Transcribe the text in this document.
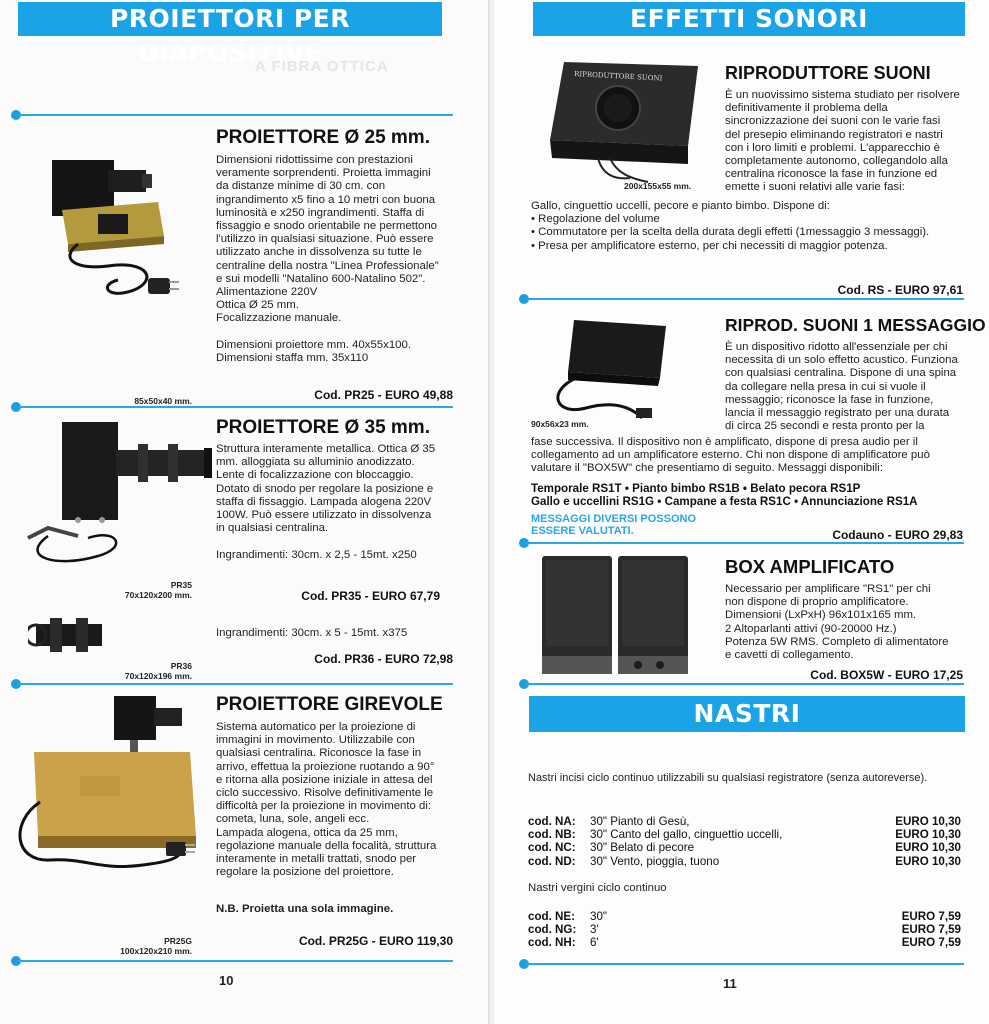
PROIETTORI PER DIAPOSITIVE
A FIBRA OTTICA
PROIETTORE Ø 25 mm.
Dimensioni ridottissime con prestazioni
veramente sorprendenti. Proietta immagini
da distanze minime di 30 cm. con
ingrandimento x5 fino a 10 metri con buona
luminosità e x250 ingrandimenti. Staffa di
fissaggio e snodo orientabile ne permettono
l'utilizzo in qualsiasi situazione. Può essere
utilizzato anche in dissolvenza su tutte le
centraline della nostra "Linea Professionale"
e sui modelli "Natalino 600-Natalino 502".
Alimentazione 220V
Ottica Ø 25 mm.
Focalizzazione manuale.

Dimensioni proiettore mm. 40x55x100.
Dimensioni staffa mm. 35x110
Cod. PR25 - EURO 49,88
85x50x40 mm.
PROIETTORE Ø 35 mm.
Struttura interamente metallica. Ottica Ø 35
mm. alloggiata su alluminio anodizzato.
Lente di focalizzazione con bloccaggio.
Dotato di snodo per regolare la posizione e
staffa di fissaggio. Lampada alogena 220V
100W. Può essere utilizzato in dissolvenza
in qualsiasi centralina.

Ingrandimenti: 30cm. x 2,5 - 15mt. x250
Cod. PR35 - EURO 67,79
PR35
70x120x200 mm.
Ingrandimenti: 30cm. x 5 - 15mt. x375
Cod. PR36 - EURO 72,98
PR36
70x120x196 mm.
PROIETTORE GIREVOLE
Sistema automatico per la proiezione di
immagini in movimento. Utilizzabile con
qualsiasi centralina. Riconosce la fase in
arrivo, effettua la proiezione ruotando a 90°
e ritorna alla posizione iniziale in attesa del
ciclo successivo. Risolve definitivamente le
difficoltà per la proiezione in movimento di:
cometa, luna, sole, angeli ecc.
Lampada alogena, ottica da 25 mm,
regolazione manuale della focalità, struttura
interamente in metalli trattati, snodo per
regolare la posizione del proiettore.
N.B. Proietta una sola immagine.
Cod. PR25G - EURO 119,30
PR25G
100x120x210 mm.
10
EFFETTI SONORI
RIPRODUTTORE SUONI	RIPRODUTTORE SUONI
È un nuovissimo sistema studiato per risolvere
definitivamente il problema della
sincronizzazione dei suoni con le varie fasi
del presepio eliminando registratori e nastri
con i loro limiti e problemi. L'apparecchio è
completamente autonomo, collegandolo alla
centralina riconosce la fase in funzione ed
emette i suoni relativi alle varie fasi:
200x155x55 mm.
Gallo, cinguettio uccelli, pecore e pianto bimbo. Dispone di:
• Regolazione del volume
• Commutatore per la scelta della durata degli effetti (1messaggio 3 messaggi).
• Presa per amplificatore esterno, per chi necessiti di maggior potenza.
Cod. RS - EURO 97,61
RIPROD. SUONI 1 MESSAGGIO
È un dispositivo ridotto all'essenziale per chi
necessita di un solo effetto acustico. Funziona
con qualsiasi centralina. Dispone di una spina
da collegare nella presa in cui si vuole il
messaggio; riconosce la fase in funzione,
lancia il messaggio registrato per una durata
di circa 25 secondi e resta pronto per la
90x56x23 mm.
fase successiva. Il dispositivo non è amplificato, dispone di presa audio per il
collegamento ad un amplificatore esterno. Chi non dispone di amplificatore può
valutare il "BOX5W" che presentiamo di seguito. Messaggi disponibili:
Temporale RS1T • Pianto bimbo RS1B • Belato pecora RS1P
Gallo e uccellini RS1G • Campane a festa RS1C • Annunciazione RS1A
MESSAGGI DIVERSI POSSONO
ESSERE VALUTATI.	Codauno - EURO 29,83
BOX AMPLIFICATO
Necessario per amplificare "RS1" per chi
non dispone di proprio amplificatore.
Dimensioni (LxPxH) 96x101x165 mm.
2 Altoparlanti attivi (90-20000 Hz.)
Potenza 5W RMS. Completo di alimentatore
e cavetti di collegamento.
Cod. BOX5W - EURO 17,25
NASTRI
Nastri incisi ciclo continuo utilizzabili su qualsiasi registratore (senza autoreverse).
cod. NA: 30" Pianto di Gesù,	EURO 10,30
cod. NB: 30" Canto del gallo, cinguettio uccelli,	EURO 10,30
cod. NC: 30" Belato di pecore	EURO 10,30
cod. ND: 30" Vento, pioggia, tuono	EURO 10,30
Nastri vergini ciclo continuo
cod. NE: 30"	EURO 7,59
cod. NG: 3'	EURO 7,59
cod. NH: 6'	EURO 7,59
11
